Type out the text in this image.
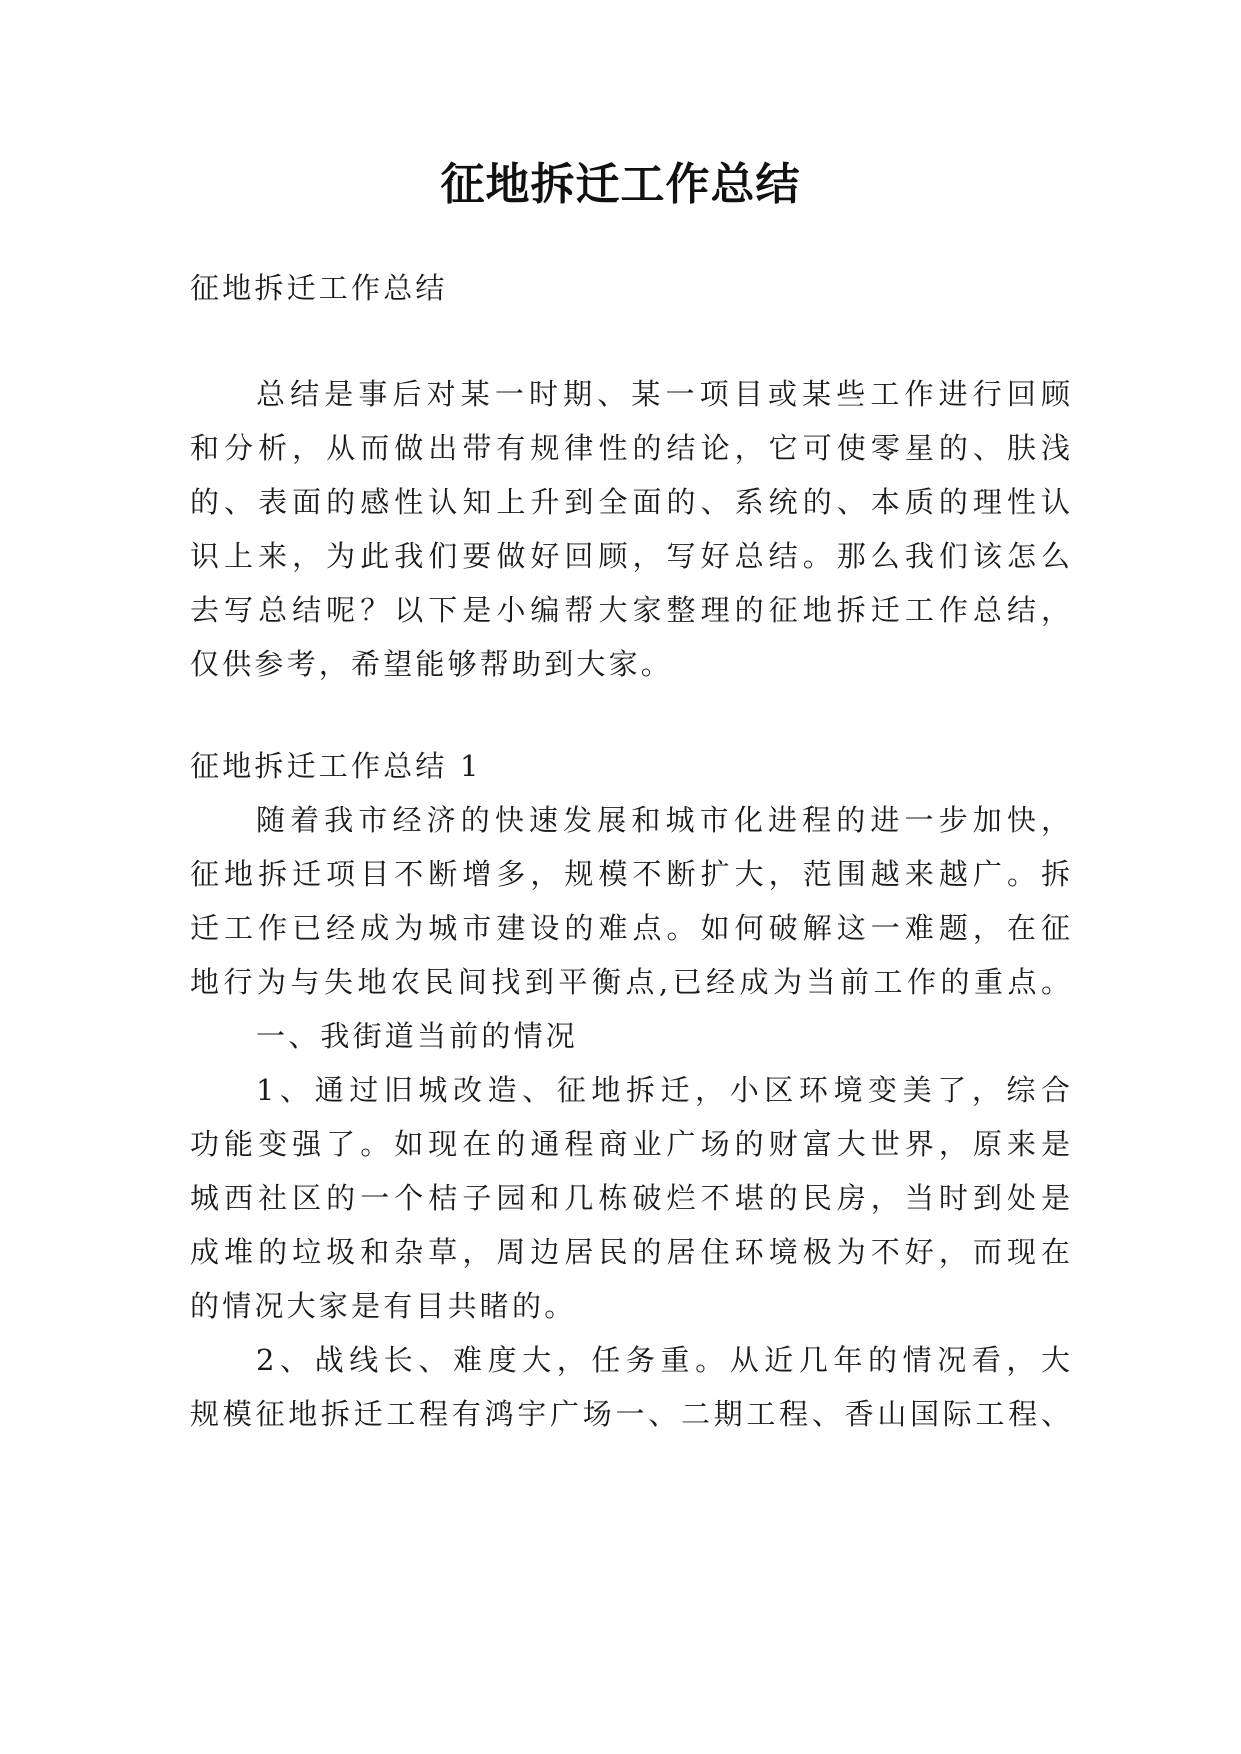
征地拆迁工作总结
征地拆迁工作总结
总结是事后对某一时期、某一项目或某些工作进行回顾
和分析，从而做出带有规律性的结论，它可使零星的、肤浅
的、表面的感性认知上升到全面的、系统的、本质的理性认
识上来，为此我们要做好回顾，写好总结。那么我们该怎么
去写总结呢？以下是小编帮大家整理的征地拆迁工作总结，
仅供参考，希望能够帮助到大家。
征地拆迁工作总结 1
随着我市经济的快速发展和城市化进程的进一步加快，
征地拆迁项目不断增多，规模不断扩大，范围越来越广。拆
迁工作已经成为城市建设的难点。如何破解这一难题，在征
地行为与失地农民间找到平衡点,已经成为当前工作的重点。
一、我街道当前的情况
1、通过旧城改造、征地拆迁，小区环境变美了，综合
功能变强了。如现在的通程商业广场的财富大世界，原来是
城西社区的一个桔子园和几栋破烂不堪的民房，当时到处是
成堆的垃圾和杂草，周边居民的居住环境极为不好，而现在
的情况大家是有目共睹的。
2、战线长、难度大，任务重。从近几年的情况看，大
规模征地拆迁工程有鸿宇广场一、二期工程、香山国际工程、
